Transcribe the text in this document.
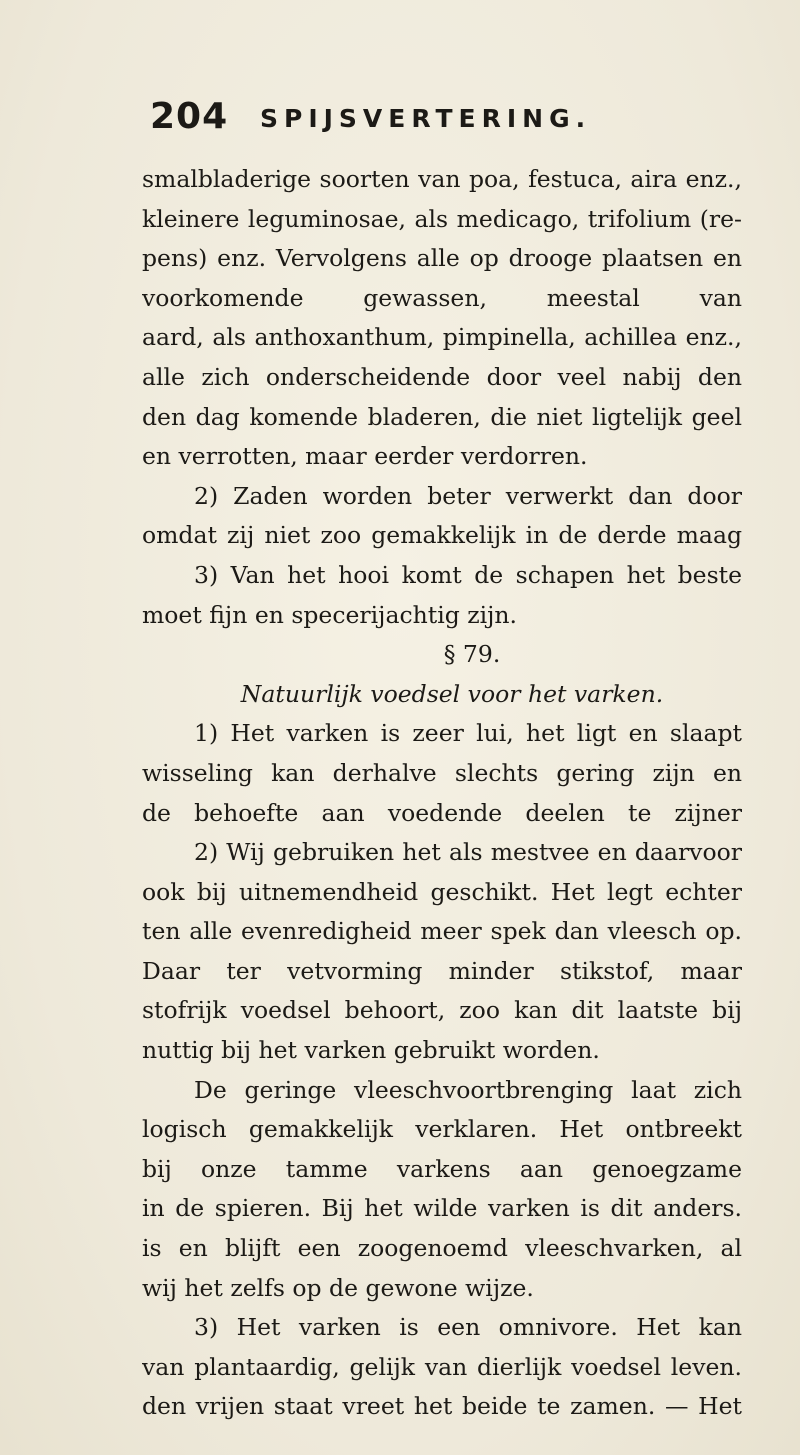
204 SPIJSVERTERING.
smalbladerige soorten van poa, festuca, aira enz.,
kleinere leguminosae, als medicago, trifolium (re-
pens) enz. Vervolgens alle op drooge plaatsen en
voorkomende gewassen, meestal van
aard, als anthoxanthum, pimpinella, achillea enz.,
alle zich onderscheidende door veel nabij den
den dag komende bladeren, die niet ligtelijk geel
en verrotten, maar eerder verdorren.
2) Zaden worden beter verwerkt dan door
omdat zij niet zoo gemakkelijk in de derde maag
3) Van het hooi komt de schapen het beste
moet fijn en specerijachtig zijn.
§ 79.
Natuurlijk voedsel voor het varken.
1) Het varken is zeer lui, het ligt en slaapt
wisseling kan derhalve slechts gering zijn en
de behoefte aan voedende deelen te zijner
2) Wij gebruiken het als mestvee en daarvoor
ook bij uitnemendheid geschikt. Het legt echter
ten alle evenredigheid meer spek dan vleesch op.
Daar ter vetvorming minder stikstof, maar
stofrijk voedsel behoort, zoo kan dit laatste bij
nuttig bij het varken gebruikt worden.
De geringe vleeschvoortbrenging laat zich
logisch gemakkelijk verklaren. Het ontbreekt
bij onze tamme varkens aan genoegzame
in de spieren. Bij het wilde varken is dit anders.
is en blijft een zoogenoemd vleeschvarken, al
wij het zelfs op de gewone wijze.
3) Het varken is een omnivore. Het kan
van plantaardig, gelijk van dierlijk voedsel leven.
den vrijen staat vreet het beide te zamen. — Het
